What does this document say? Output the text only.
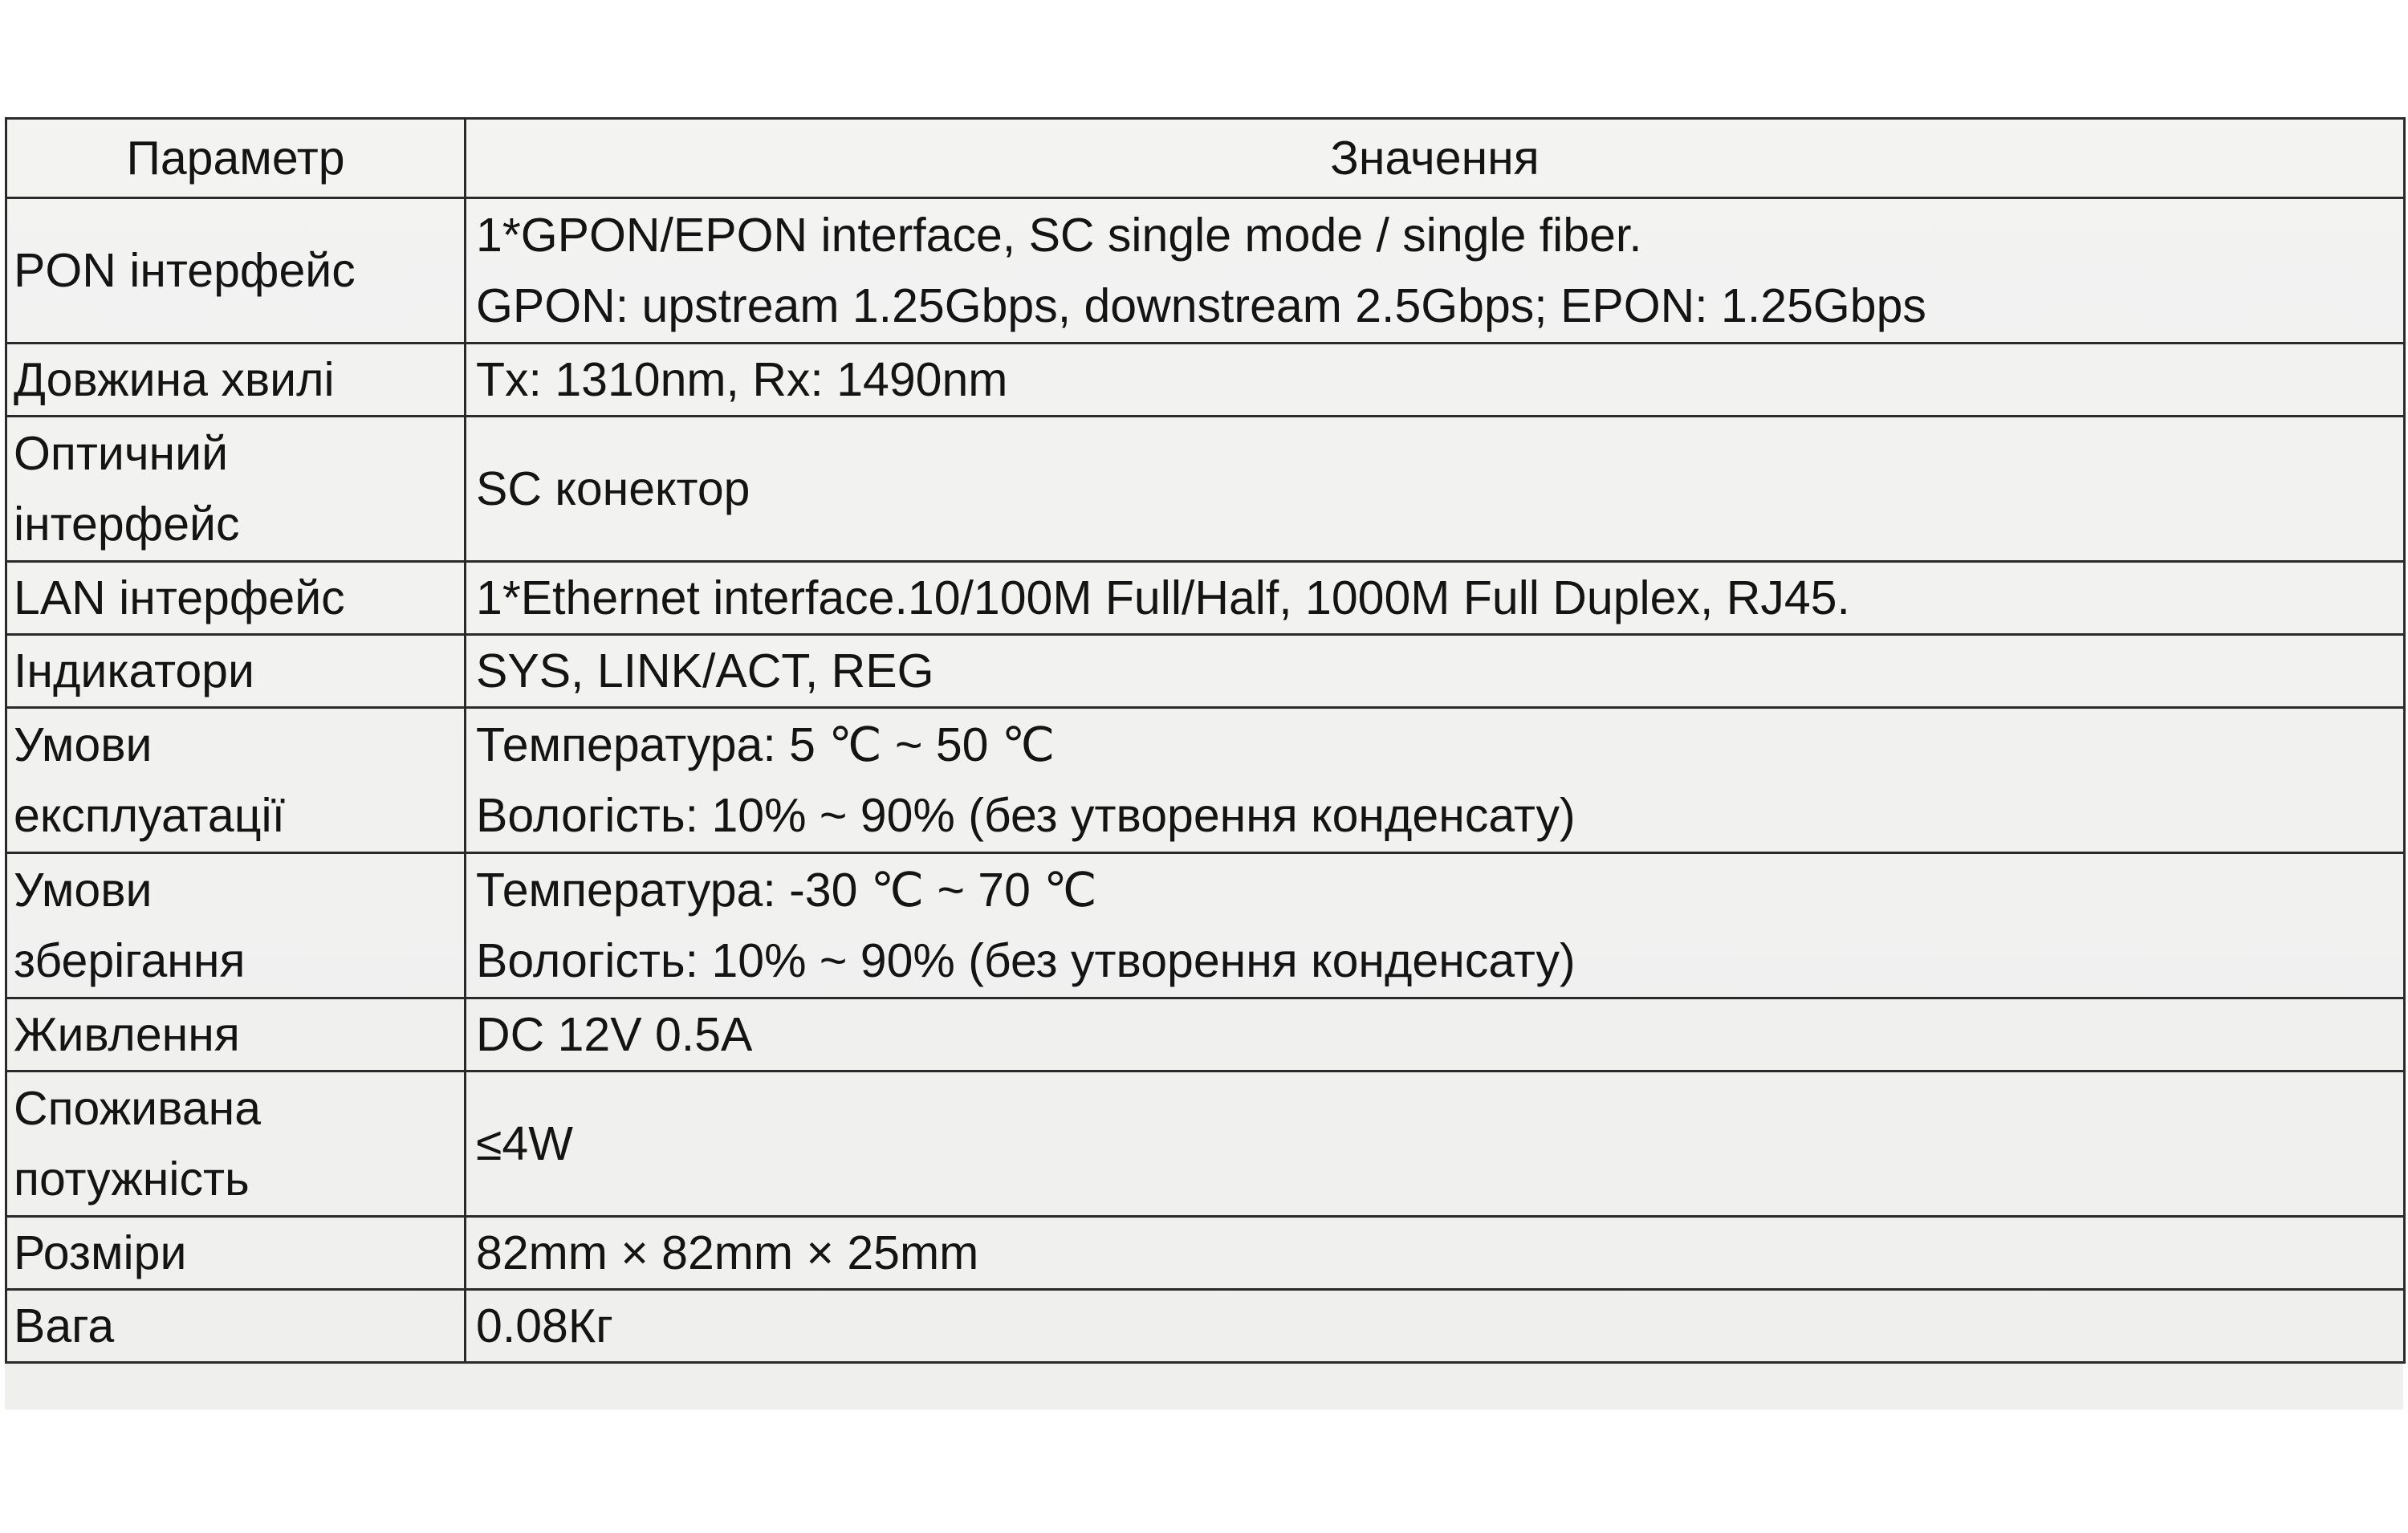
Параметр	Значення

PON інтерфейс	1*GPON/EPON interface, SC single mode / single fiber.
GPON: upstream 1.25Gbps, downstream 2.5Gbps; EPON: 1.25Gbps

Довжина хвилі	Tx: 1310nm, Rx: 1490nm

Оптичний
інтерфейс	SC конектор

LAN інтерфейс	1*Ethernet interface.10/100M Full/Half, 1000M Full Duplex, RJ45.

Індикатори	SYS, LINK/ACT, REG

Умови
експлуатації	Температура: 5 ℃ ~ 50 ℃
Вологість: 10% ~ 90% (без утворення конденсату)

Умови
зберігання	Температура: -30 ℃ ~ 70 ℃
Вологість: 10% ~ 90% (без утворення конденсату)

Живлення	DC 12V 0.5A

Споживана
потужність	≤4W

Розміри	82mm × 82mm × 25mm

Вага	0.08Кг
